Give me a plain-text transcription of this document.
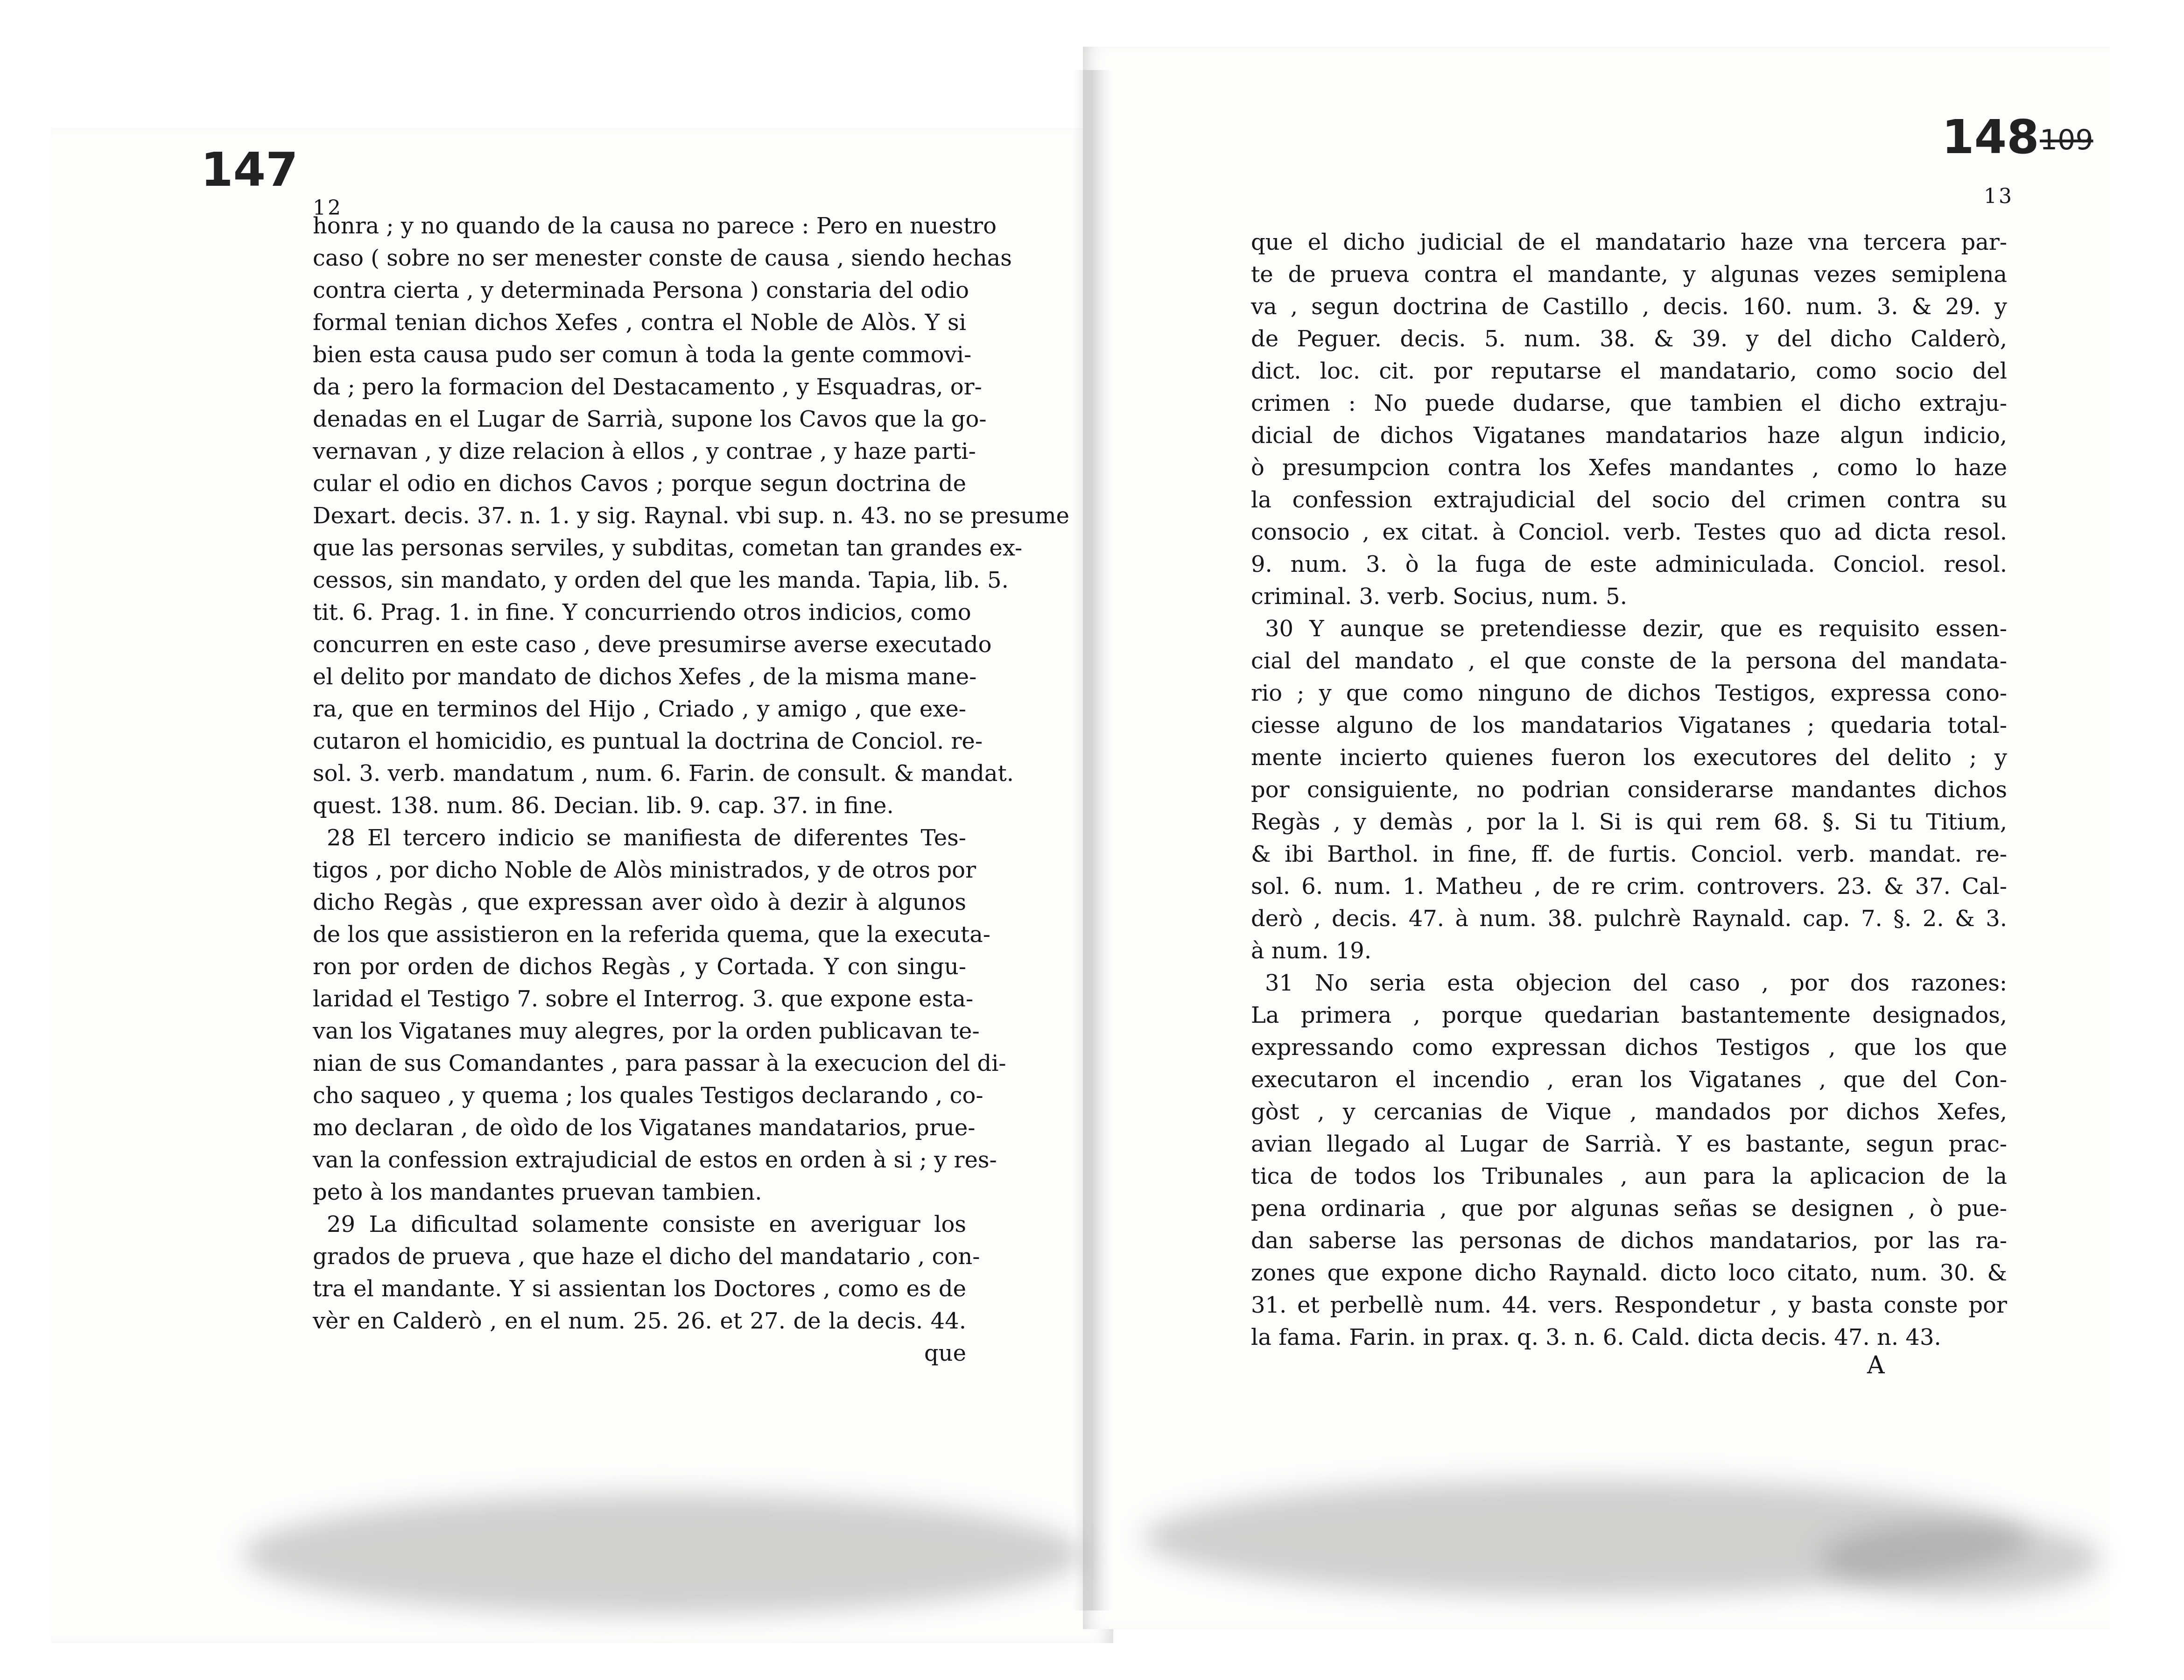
147
12
148 109
13
honra ; y no quando de la causa no parece : Pero en nuestro
caso ( sobre no ser menester conste de causa , siendo hechas
contra cierta , y determinada Persona ) constaria del odio
formal tenian dichos Xefes , contra el Noble de Alòs. Y si
bien esta causa pudo ser comun à toda la gente commovi-
da ; pero la formacion del Destacamento , y Esquadras, or-
denadas en el Lugar de Sarrià, supone los Cavos que la go-
vernavan , y dize relacion à ellos , y contrae , y haze parti-
cular el odio en dichos Cavos ; porque segun doctrina de
Dexart. decis. 37. n. 1. y sig. Raynal. vbi sup. n. 43. no se presume
que las personas serviles, y subditas, cometan tan grandes ex-
cessos, sin mandato, y orden del que les manda. Tapia, lib. 5.
tit. 6. Prag. 1. in fine. Y concurriendo otros indicios, como
concurren en este caso , deve presumirse averse executado
el delito por mandato de dichos Xefes , de la misma mane-
ra, que en terminos del Hijo , Criado , y amigo , que exe-
cutaron el homicidio, es puntual la doctrina de Conciol. re-
sol. 3. verb. mandatum , num. 6. Farin. de consult. & mandat.
quest. 138. num. 86. Decian. lib. 9. cap. 37. in fine.
28 El tercero indicio se manifiesta de diferentes Tes-
tigos , por dicho Noble de Alòs ministrados, y de otros por
dicho Regàs , que expressan aver oìdo à dezir à algunos
de los que assistieron en la referida quema, que la executa-
ron por orden de dichos Regàs , y Cortada. Y con singu-
laridad el Testigo 7. sobre el Interrog. 3. que expone esta-
van los Vigatanes muy alegres, por la orden publicavan te-
nian de sus Comandantes , para passar à la execucion del di-
cho saqueo , y quema ; los quales Testigos declarando , co-
mo declaran , de oìdo de los Vigatanes mandatarios, prue-
van la confession extrajudicial de estos en orden à si ; y res-
peto à los mandantes pruevan tambien.
29 La dificultad solamente consiste en averiguar los
grados de prueva , que haze el dicho del mandatario , con-
tra el mandante. Y si assientan los Doctores , como es de
vèr en Calderò , en el num. 25. 26. et 27. de la decis. 44.
que
que el dicho judicial de el mandatario haze vna tercera par-
te de prueva contra el mandante, y algunas vezes semiplena
va , segun doctrina de Castillo , decis. 160. num. 3. & 29. y
de Peguer. decis. 5. num. 38. & 39. y del dicho Calderò,
dict. loc. cit. por reputarse el mandatario, como socio del
crimen : No puede dudarse, que tambien el dicho extraju-
dicial de dichos Vigatanes mandatarios haze algun indicio,
ò presumpcion contra los Xefes mandantes , como lo haze
la confession extrajudicial del socio del crimen contra su
consocio , ex citat. à Conciol. verb. Testes quo ad dicta resol.
9. num. 3. ò la fuga de este adminiculada. Conciol. resol.
criminal. 3. verb. Socius, num. 5.
30 Y aunque se pretendiesse dezir, que es requisito essen-
cial del mandato , el que conste de la persona del mandata-
rio ; y que como ninguno de dichos Testigos, expressa cono-
ciesse alguno de los mandatarios Vigatanes ; quedaria total-
mente incierto quienes fueron los executores del delito ; y
por consiguiente, no podrian considerarse mandantes dichos
Regàs , y demàs , por la l. Si is qui rem 68. §. Si tu Titium,
& ibi Barthol. in fine, ff. de furtis. Conciol. verb. mandat. re-
sol. 6. num. 1. Matheu , de re crim. controvers. 23. & 37. Cal-
derò , decis. 47. à num. 38. pulchrè Raynald. cap. 7. §. 2. & 3.
à num. 19.
31 No seria esta objecion del caso , por dos razones:
La primera , porque quedarian bastantemente designados,
expressando como expressan dichos Testigos , que los que
executaron el incendio , eran los Vigatanes , que del Con-
gòst , y cercanias de Vique , mandados por dichos Xefes,
avian llegado al Lugar de Sarrià. Y es bastante, segun prac-
tica de todos los Tribunales , aun para la aplicacion de la
pena ordinaria , que por algunas señas se designen , ò pue-
dan saberse las personas de dichos mandatarios, por las ra-
zones que expone dicho Raynald. dicto loco citato, num. 30. &
31. et perbellè num. 44. vers. Respondetur , y basta conste por
la fama. Farin. in prax. q. 3. n. 6. Cald. dicta decis. 47. n. 43.
A
